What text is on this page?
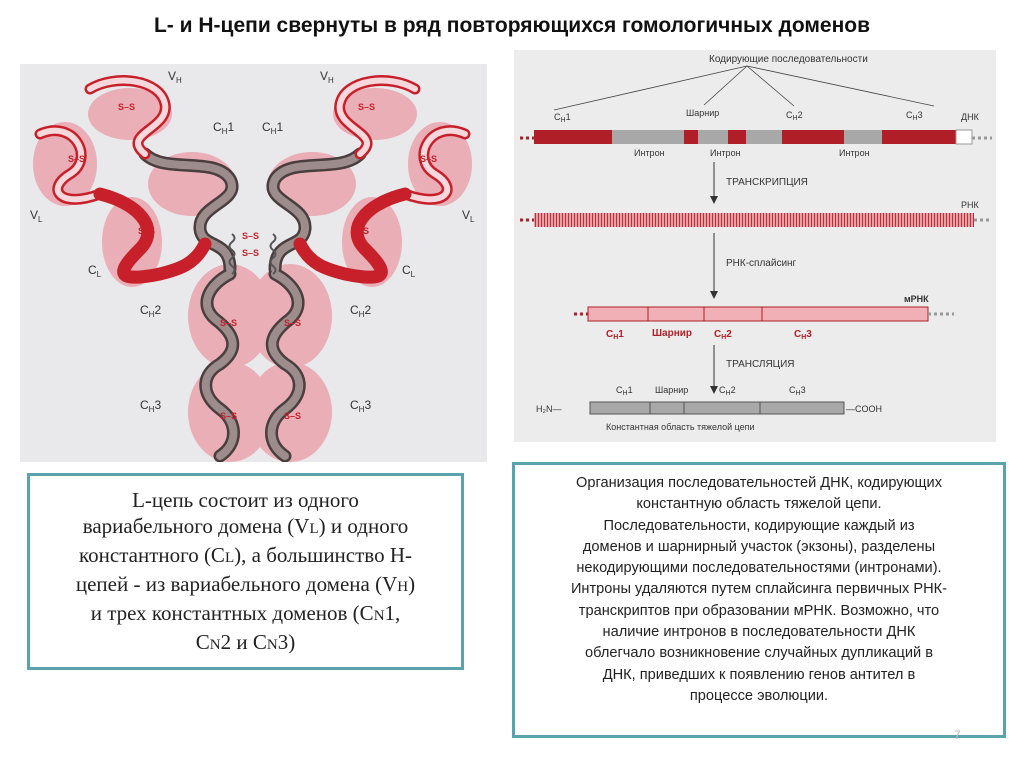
L- и H-цепи свернуты в ряд повторяющихся гомологичных доменов
S–S	S–S
S–S	S–S
S–S	S–S
S–S
S–S
S–S	S–S
S–S	S–S
$V_H$	$V_H$
$C_H1$ $C_H1$
$V_L$	$V_L$
$C_L$	$C_L$
$C_H2$	$C_H2$
$C_H3$	$C_H3$
Кодирующие последовательности
$C_H1$	Шарнир	$C_H2$	$C_H3$	ДНК
Интрон	Интрон	Интрон
ТРАНСКРИПЦИЯ
РНК
РНК-сплайсинг
мРНК
$C_H1$	Шарнир $C_H2$	$C_H3$
ТРАНСЛЯЦИЯ
$C_H1$ Шарнир	$C_H2$	$C_H3$
H₂N—	—COOH
Константная область тяжелой цепи
L-цепь состоит из одного
вариабельного домена (VL) и одного
константного (CL), а большинство H-
цепей - из вариабельного домена (VH)
и трех константных доменов (CN1,
CN2 и CN3)
Организация последовательностей ДНК, кодирующих
константную область тяжелой цепи.
Последовательности, кодирующие каждый из
доменов и шарнирный участок (экзоны), разделены
некодирующими последовательностями (интронами).
Интроны удаляются путем сплайсинга первичных РНК-
транскриптов при образовании мРНК. Возможно, что
наличие интронов в последовательности ДНК
облегчало возникновение случайных дупликаций в
ДНК, приведших к появлению генов антител в
процессе эволюции.
7
